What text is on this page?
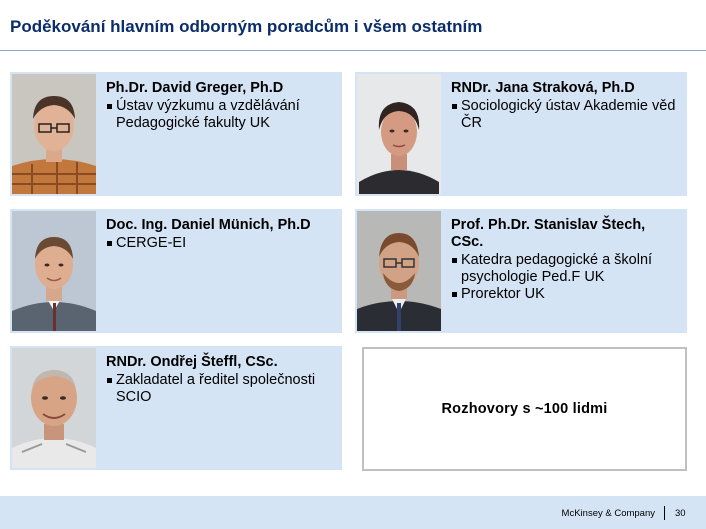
Poděkování hlavním odborným poradcům i všem ostatním
Ph.Dr. David Greger, Ph.D
Ústav výzkumu a vzdělávání Pedagogické fakulty UK
RNDr. Jana Straková, Ph.D
Sociologický ústav Akademie věd ČR
Doc. Ing. Daniel Münich, Ph.D
CERGE-EI
Prof. Ph.Dr. Stanislav Štech, CSc.
Katedra pedagogické a školní psychologie Ped.F UK
Prorektor UK
RNDr. Ondřej Šteffl, CSc.
Zakladatel a ředitel společnosti SCIO
Rozhovory s ~100 lidmi
McKinsey & Company 30
